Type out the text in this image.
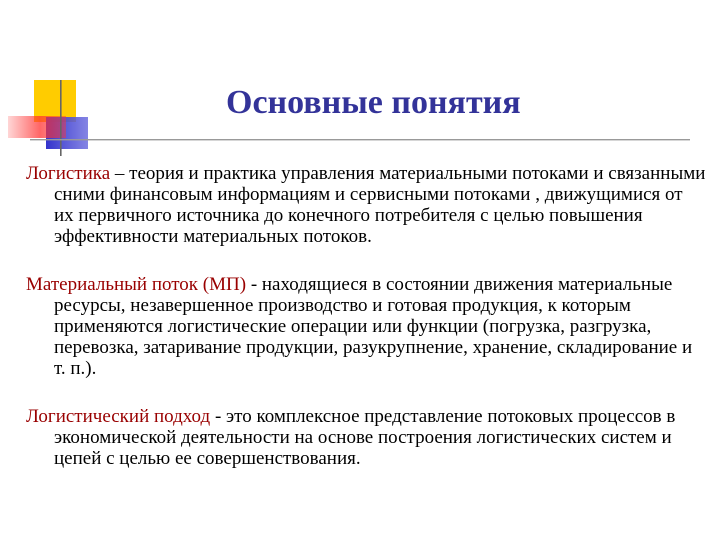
Основные понятия

Логистика – теория и практика управления материальными потоками и связанными сними финансовым информациям и сервисными потоками , движущимися от их первичного источника до конечного потребителя с целью повышения эффективности материальных потоков.

Материальный поток (МП) - находящиеся в состоянии движения материальные ресурсы, незавершенное производство и готовая продукция, к которым применяются логистические операции или функции (погрузка, разгрузка, перевозка, затаривание продукции, разукрупнение, хранение, складирование и т. п.).

Логистический подход - это комплексное представление потоковых процессов в экономической деятельности на основе построения логистических систем и цепей с целью ее совершенствования.
